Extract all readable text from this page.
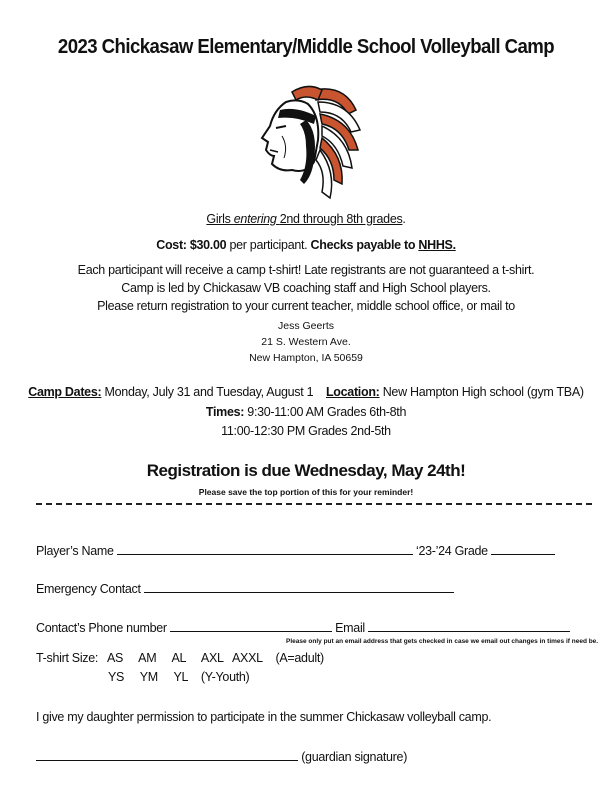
2023 Chickasaw Elementary/Middle School Volleyball Camp
Girls entering 2nd through 8th grades.
Cost: $30.00 per participant. Checks payable to NHHS.
Each participant will receive a camp t-shirt! Late registrants are not guaranteed a t-shirt.
Camp is led by Chickasaw VB coaching staff and High School players.
Please return registration to your current teacher, middle school office, or mail to
Jess Geerts
21 S. Western Ave.
New Hampton, IA 50659
Camp Dates: Monday, July 31 and Tuesday, August 1 Location: New Hampton High school (gym TBA)
Times: 9:30-11:00 AM Grades 6th-8th
11:00-12:30 PM Grades 2nd-5th
Registration is due Wednesday, May 24th!
Please save the top portion of this for your reminder!
Player’s Name	‘23-’24 Grade
Emergency Contact
Contact’s Phone number	Email
Please only put an email address that gets checked in case we email out changes in times if need be.
T-shirt Size: AS     AM     AL     AXL   AXXL (A=adult)
YS     YM     YL (Y-Youth)
I give my daughter permission to participate in the summer Chickasaw volleyball camp.
(guardian signature)
